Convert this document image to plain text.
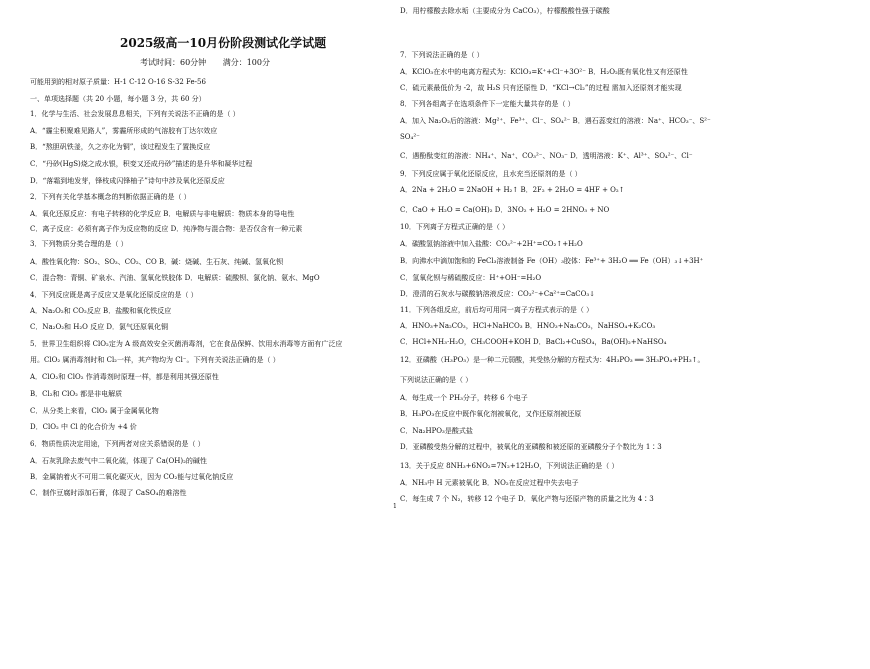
2025级高一10月份阶段测试化学试题
考试时间：60分钟 满分：100分
可能用到的相对原子质量：H-1 C-12 O-16 S-32 Fe-56
一、单项选择题（共 20 小题，每小题 3 分，共 60 分）
1．化学与生活、社会发展息息相关，下列有关说法不正确的是（ ）
A．“霾尘积聚难见路人”，雾霾所形成的气溶胶有丁达尔效应
B．“熬胆矾铁釜，久之亦化为铜”，该过程发生了置换反应
C．“丹砂(HgS)烧之成水银，积变又还成丹砂”描述的是升华和凝华过程
D．“落霜到地发芽，锋枝成闪锋柚子”诗句中涉及氧化还原反应
2．下列有关化学基本概念的判断依据正确的是（ ）
A．氧化还原反应：有电子转移的化学反应 B．电解质与非电解质：物质本身的导电性
C．离子反应：必须有离子作为反应物的反应 D．纯净物与混合物：是否仅含有一种元素
3．下列物质分类合理的是（ ）
A．酸性氧化物：SO₂、SO₃、CO₂、CO B．碱：烧碱、生石灰、纯碱、氢氧化钡
C．混合物：青铜、矿泉水、汽油、氢氧化铁胶体 D．电解质：硫酸钡、氯化钠、氨水、MgO
4．下列反应既是离子反应又是氧化还原反应的是（ ）
A．Na₂O₂和 CO₂反应 B．盐酸和氧化铁反应
C．Na₂O₂和 H₂O 反应 D．氯气还原氧化铜
5．世界卫生组织将 ClO₂定为 A 级高效安全灭菌消毒剂，它在食品保鲜、饮用水消毒等方面有广泛应
用。ClO₂ 属消毒剂时和 Cl₂一样，其产物均为 Cl⁻。下列有关说法正确的是（ ）
A．ClO₂和 ClO₂ 作消毒剂时原理一样，都是利用其强还原性
B．Cl₂和 ClO₂ 都是非电解质
C．从分类上来看，ClO₂ 属于金属氧化物
D．ClO₂ 中 Cl 的化合价为 +4 价
6．物质性质决定用途，下列两者对应关系错误的是（ ）
A．石灰乳除去废气中二氧化硫，体现了 Ca(OH)₂的碱性
B．金属钠着火不可用二氧化碳灭火，因为 CO₂能与过氧化钠反应
C．制作豆腐时添加石膏，体现了 CaSO₄的难溶性
D．用柠檬酸去除水垢（主要成分为 CaCO₃），柠檬酸酸性强于碳酸
7．下列说法正确的是（ ）
A．KClO₃在水中的电离方程式为：KClO₃=K⁺+Cl⁻+3O²⁻ B．H₂O₂既有氧化性又有还原性
C．硫元素最低价为 -2，故 H₂S 只有还原性 D．“KCl→Cl₂”的过程 需加入还原剂才能实现
8．下列各组离子在选项条件下一定能大量共存的是（ ）
A．加入 Na₂O₂后的溶液：Mg²⁺、Fe³⁺、Cl⁻、SO₄²⁻ B．遇石蕊变红的溶液：Na⁺、HCO₃⁻、S²⁻
SO₄²⁻
C．遇酚酞变红的溶液：NH₄⁺、Na⁺、CO₃²⁻、NO₃⁻ D．透明溶液：K⁺、Al³⁺、SO₄²⁻、Cl⁻
9．下列反应属于氧化还原反应，且水充当还原剂的是（ ）
A．2Na + 2H₂O = 2NaOH + H₂↑ B．2F₂ + 2H₂O = 4HF + O₂↑
C．CaO + H₂O = Ca(OH)₂ D．3NO₂ + H₂O = 2HNO₃ + NO
10．下列离子方程式正确的是（ ）
A．碳酸氢钠溶液中加入盐酸：CO₃²⁻+2H⁺=CO₂↑+H₂O
B．向沸水中滴加饱和的 FeCl₃溶液制备 Fe（OH）₃胶体：Fe³⁺+ 3H₂O ══ Fe（OH）₃↓+3H⁺
C．氢氧化钡与稀硫酸反应：H⁺+OH⁻=H₂O
D．澄清的石灰水与碳酸钠溶液反应：CO₃²⁻+Ca²⁺=CaCO₃↓
11．下列各组反应，前后均可用同一离子方程式表示的是（ ）
A．HNO₃+Na₂CO₃，HCl+NaHCO₃ B．HNO₃+Na₂CO₃，NaHSO₄+K₂CO₃
C．HCl+NH₃·H₂O，CH₃COOH+KOH D．BaCl₂+CuSO₄，Ba(OH)₂+NaHSO₄
12．亚磷酸（H₃PO₃）是一种二元弱酸，其受热分解的方程式为：4H₃PO₃ ══ 3H₃PO₄+PH₃↑。
下列说法正确的是（ ）
A．每生成一个 PH₃分子，转移 6 个电子
B．H₃PO₃在反应中既作氧化剂被氧化，又作还原剂被还原
C．Na₂HPO₃是酸式盐
D．亚磷酸受热分解的过程中，被氧化的亚磷酸和被还原的亚磷酸分子个数比为 1∶3
13．关于反应 8NH₃+6NO₂=7N₂+12H₂O，下列说法正确的是（ ）
A．NH₃中 H 元素被氧化 B．NO₂在反应过程中失去电子
C．每生成 7 个 N₂，转移 12 个电子 D．氧化产物与还原产物的质量之比为 4∶3
1
